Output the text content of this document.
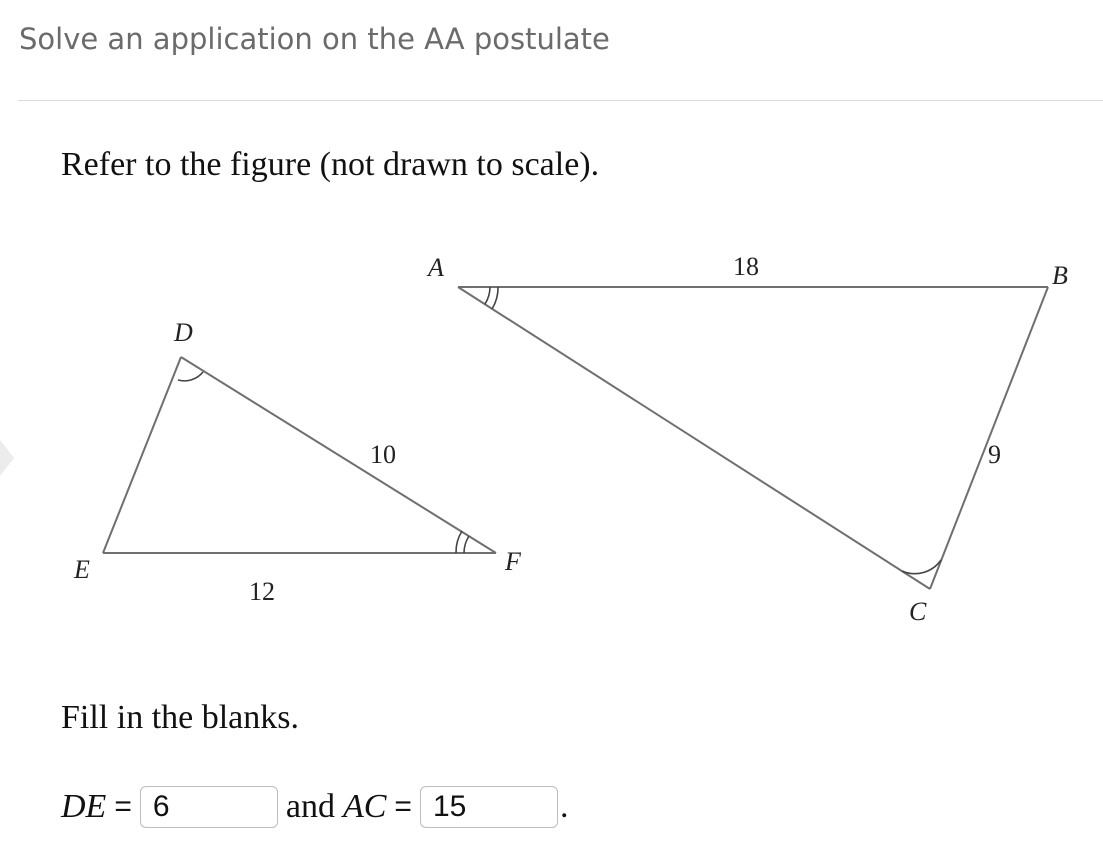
Solve an application on the AA postulate
Refer to the figure (not drawn to scale).
A	B
C
D
E	F
18
9
10
12
Fill in the blanks.
DE = 6	and AC = 15	.
